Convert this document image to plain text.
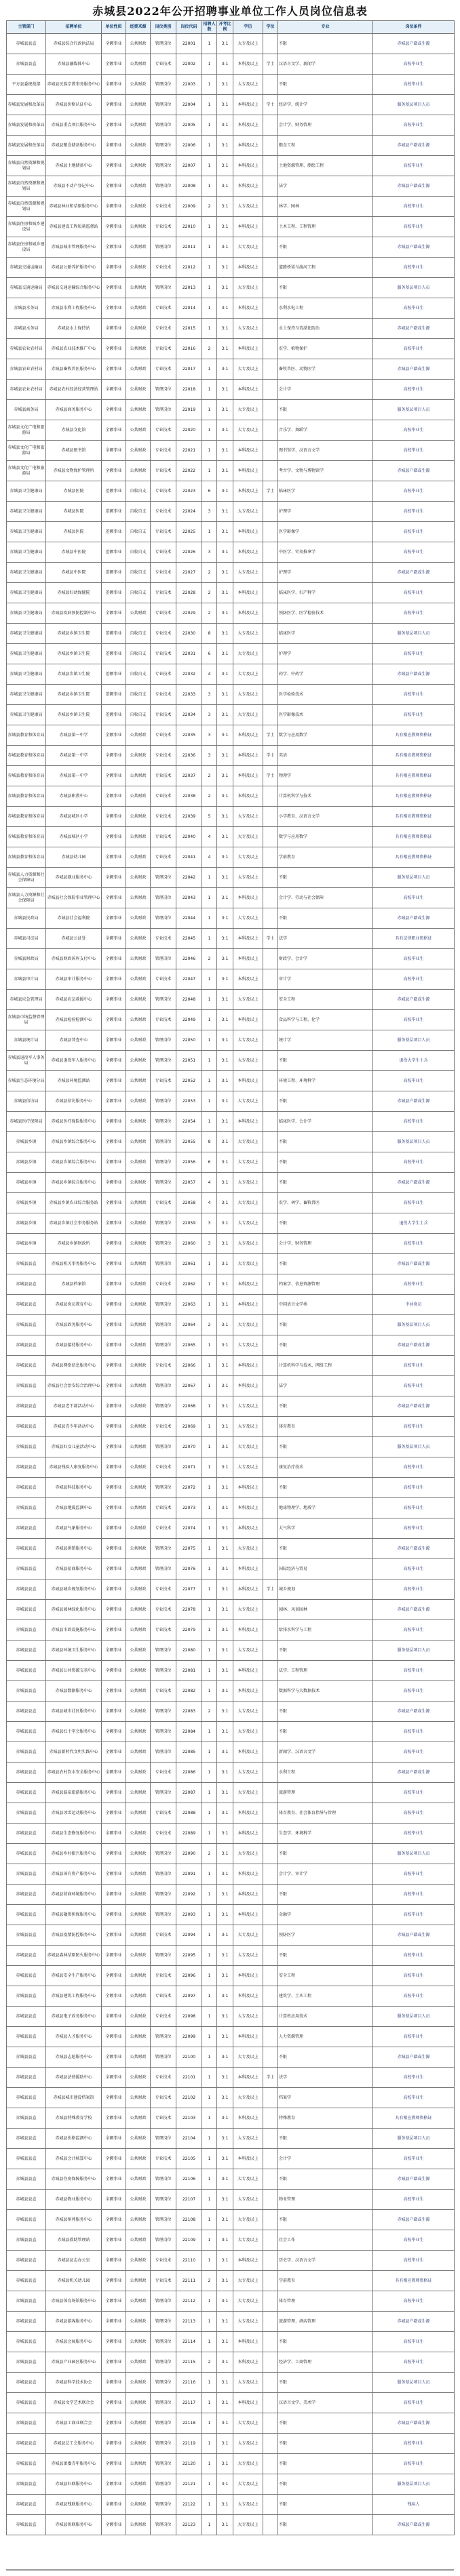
赤城县2022年公开招聘事业单位工作人员岗位信息表
主管部门	招聘单位	单位性质	经费来源	岗位类别	岗位代码	招聘人数	开考比例	学历	学位	专业	岗位条件
赤城县县直	赤城县综合行政执法局	全额事业	公共财政	管理岗位	22001	1	3:1	大专及以上		不限	赤城县户籍或生源
赤城县县直	赤城县融媒体中心	全额事业	公共财政	专业技术	22002	1	3:1	本科及以上	学士	汉语言文学、新闻学	高校毕业生
平方县委统战部	赤城县民族宗教事务服务中心	全额事业	公共财政	管理岗位	22003	1	3:1	大专及以上		不限	高校毕业生
赤城县发展和改革局	赤城县价格认证中心	全额事业	公共财政	管理岗位	22004	1	3:1	本科及以上	学士	经济学、统计学	服务基层项目人员
赤城县发展和改革局	赤城县重点项目服务中心	全额事业	公共财政	管理岗位	22005	1	3:1	本科及以上		会计学、财务管理	高校毕业生
赤城县发展和改革局	赤城县粮食储备服务中心	全额事业	公共财政	管理岗位	22006	1	3:1	本科及以上		粮食工程	赤城县户籍或生源
赤城县自然资源和规划局	赤城县土地储备中心	全额事业	公共财政	管理岗位	22007	1	3:1	本科及以上		土地资源管理、测绘工程	高校毕业生
赤城县自然资源和规划局	赤城县不动产登记中心	全额事业	公共财政	管理岗位	22008	1	3:1	本科及以上		法学	赤城县户籍或生源
赤城县自然资源和规划局	赤城县林业和草原服务中心	全额事业	公共财政	专业技术	22009	2	3:1	大专及以上		林学、园林	高校毕业生
赤城县住房和城乡建设局	赤城县建设工程质量监督站	全额事业	公共财政	专业技术	22010	1	3:1	本科及以上		土木工程、工程管理	高校毕业生
赤城县住房和城乡建设局	赤城县城市管理服务中心	全额事业	公共财政	管理岗位	22011	1	3:1	大专及以上		不限	赤城县户籍或生源
赤城县交通运输局	赤城县公路养护服务中心	全额事业	公共财政	专业技术	22012	1	3:1	本科及以上		道路桥梁与渡河工程	高校毕业生
赤城县交通运输局	赤城县交通运输综合服务中心	全额事业	公共财政	管理岗位	22013	1	3:1	大专及以上		不限	服务基层项目人员
赤城县水务局	赤城县水利工程服务中心	全额事业	公共财政	专业技术	22014	1	3:1	本科及以上		水利水电工程	高校毕业生
赤城县水务局	赤城县水土保持站	全额事业	公共财政	专业技术	22015	1	3:1	大专及以上		水土保持与荒漠化防治	赤城县户籍或生源
赤城县农业农村局	赤城县农业技术推广中心	全额事业	公共财政	专业技术	22016	2	3:1	本科及以上		农学、植物保护	高校毕业生
赤城县农业农村局	赤城县畜牧兽医服务中心	全额事业	公共财政	专业技术	22017	1	3:1	大专及以上		畜牧兽医、动物医学	赤城县户籍或生源
赤城县农业农村局	赤城县农村经济经营管理站	全额事业	公共财政	管理岗位	22018	1	3:1	本科及以上		会计学	高校毕业生
赤城县商务局	赤城县商务服务中心	全额事业	公共财政	管理岗位	22019	1	3:1	大专及以上		不限	服务基层项目人员
赤城县文化广电和旅游局	赤城县文化馆	全额事业	公共财政	专业技术	22020	1	3:1	大专及以上		音乐学、舞蹈学	高校毕业生
赤城县文化广电和旅游局	赤城县图书馆	全额事业	公共财政	专业技术	22021	1	3:1	本科及以上		图书馆学、汉语言文学	高校毕业生
赤城县文化广电和旅游局	赤城县文物保护管理所	全额事业	公共财政	专业技术	22022	1	3:1	本科及以上		考古学、文物与博物馆学	赤城县户籍或生源
赤城县卫生健康局	赤城县医院	差额事业	自收自支	专业技术	22023	6	3:1	本科及以上	学士	临床医学	高校毕业生
赤城县卫生健康局	赤城县医院	差额事业	自收自支	专业技术	22024	3	3:1	大专及以上		护理学	高校毕业生
赤城县卫生健康局	赤城县医院	差额事业	自收自支	专业技术	22025	1	3:1	本科及以上		医学影像学	高校毕业生
赤城县卫生健康局	赤城县中医院	差额事业	自收自支	专业技术	22026	3	3:1	本科及以上		中医学、针灸推拿学	高校毕业生
赤城县卫生健康局	赤城县中医院	差额事业	自收自支	专业技术	22027	2	3:1	大专及以上		护理学	赤城县户籍或生源
赤城县卫生健康局	赤城县妇幼保健院	差额事业	自收自支	专业技术	22028	2	3:1	本科及以上		临床医学、妇产科学	高校毕业生
赤城县卫生健康局	赤城县疾病预防控制中心	全额事业	公共财政	专业技术	22029	2	3:1	本科及以上		预防医学、医学检验技术	高校毕业生
赤城县卫生健康局	赤城县乡镇卫生院	差额事业	自收自支	专业技术	22030	8	3:1	大专及以上		临床医学	服务基层项目人员
赤城县卫生健康局	赤城县乡镇卫生院	差额事业	自收自支	专业技术	22031	6	3:1	大专及以上		护理学	高校毕业生
赤城县卫生健康局	赤城县乡镇卫生院	差额事业	自收自支	专业技术	22032	4	3:1	大专及以上		药学、中药学	赤城县户籍或生源
赤城县卫生健康局	赤城县乡镇卫生院	差额事业	自收自支	专业技术	22033	3	3:1	大专及以上		医学检验技术	高校毕业生
赤城县卫生健康局	赤城县乡镇卫生院	差额事业	自收自支	专业技术	22034	3	3:1	大专及以上		医学影像技术	高校毕业生
赤城县教育和体育局	赤城县第一中学	全额事业	公共财政	专业技术	22035	3	3:1	本科及以上	学士	数学与应用数学	具有相应教师资格证
赤城县教育和体育局	赤城县第一中学	全额事业	公共财政	专业技术	22036	3	3:1	本科及以上	学士	英语	具有相应教师资格证
赤城县教育和体育局	赤城县第一中学	全额事业	公共财政	专业技术	22037	2	3:1	本科及以上	学士	物理学	具有相应教师资格证
赤城县教育和体育局	赤城县职教中心	全额事业	公共财政	专业技术	22038	2	3:1	本科及以上		计算机科学与技术	具有相应教师资格证
赤城县教育和体育局	赤城县城区小学	全额事业	公共财政	专业技术	22039	5	3:1	大专及以上		小学教育、汉语言文学	具有相应教师资格证
赤城县教育和体育局	赤城县城区小学	全额事业	公共财政	专业技术	22040	4	3:1	大专及以上		数学与应用数学	具有相应教师资格证
赤城县教育和体育局	赤城县幼儿园	全额事业	公共财政	专业技术	22041	4	3:1	大专及以上		学前教育	具有相应教师资格证
赤城县人力资源和社会保障局	赤城县就业服务中心	全额事业	公共财政	管理岗位	22042	1	3:1	大专及以上		不限	服务基层项目人员
赤城县人力资源和社会保障局	赤城县社会保险事业管理中心	全额事业	公共财政	管理岗位	22043	1	3:1	本科及以上		会计学、劳动与社会保障	高校毕业生
赤城县民政局	赤城县社会福利院	全额事业	公共财政	管理岗位	22044	1	3:1	大专及以上		不限	赤城县户籍或生源
赤城县司法局	赤城县公证处	全额事业	公共财政	专业技术	22045	1	3:1	本科及以上	学士	法学	具有法律职业资格证
赤城县财政局	赤城县财政国库支付中心	全额事业	公共财政	管理岗位	22046	2	3:1	本科及以上		财政学、会计学	高校毕业生
赤城县审计局	赤城县审计服务中心	全额事业	公共财政	专业技术	22047	1	3:1	本科及以上		审计学	高校毕业生
赤城县应急管理局	赤城县应急救援中心	全额事业	公共财政	管理岗位	22048	1	3:1	大专及以上		安全工程	赤城县户籍或生源
赤城县市场监督管理局	赤城县检验检测中心	全额事业	公共财政	专业技术	22049	1	3:1	本科及以上		食品科学与工程、化学	高校毕业生
赤城县统计局	赤城县普查中心	全额事业	公共财政	管理岗位	22050	1	3:1	大专及以上		统计学	服务基层项目人员
赤城县退役军人事务局	赤城县退役军人服务中心	全额事业	公共财政	管理岗位	22051	1	3:1	大专及以上		不限	退役大学生士兵
赤城县生态环境分局	赤城县环境监测站	全额事业	公共财政	专业技术	22052	1	3:1	本科及以上		环境工程、环境科学	高校毕业生
赤城县信访局	赤城县信访服务中心	全额事业	公共财政	管理岗位	22053	1	3:1	大专及以上		不限	赤城县户籍或生源
赤城县医疗保障局	赤城县医疗保险服务中心	全额事业	公共财政	管理岗位	22054	1	3:1	本科及以上		临床医学、会计学	高校毕业生
赤城县乡镇	赤城县乡镇综合服务中心	全额事业	公共财政	管理岗位	22055	8	3:1	大专及以上		不限	服务基层项目人员
赤城县乡镇	赤城县乡镇综合服务中心	全额事业	公共财政	管理岗位	22056	6	3:1	大专及以上		不限	高校毕业生
赤城县乡镇	赤城县乡镇综合服务中心	全额事业	公共财政	管理岗位	22057	4	3:1	大专及以上		不限	赤城县户籍或生源
赤城县乡镇	赤城县乡镇农业综合服务站	全额事业	公共财政	专业技术	22058	4	3:1	大专及以上		农学、林学、畜牧兽医	高校毕业生
赤城县乡镇	赤城县乡镇社会事务服务站	全额事业	公共财政	管理岗位	22059	3	3:1	大专及以上		不限	退役大学生士兵
赤城县乡镇	赤城县乡镇财政所	全额事业	公共财政	管理岗位	22060	3	3:1	大专及以上		会计学、财务管理	高校毕业生
赤城县县直	赤城县机关事务服务中心	全额事业	公共财政	管理岗位	22061	1	3:1	大专及以上		不限	赤城县户籍或生源
赤城县县直	赤城县档案馆	全额事业	公共财政	专业技术	22062	1	3:1	本科及以上		档案学、信息资源管理	高校毕业生
赤城县县直	赤城县党员教育中心	全额事业	公共财政	管理岗位	22063	1	3:1	本科及以上		中国语言文学类	中共党员
赤城县县直	赤城县政务服务中心	全额事业	公共财政	管理岗位	22064	2	3:1	大专及以上		不限	服务基层项目人员
赤城县县直	赤城县接待服务中心	全额事业	公共财政	管理岗位	22065	1	3:1	大专及以上		不限	赤城县户籍或生源
赤城县县直	赤城县网络信息服务中心	全额事业	公共财政	专业技术	22066	1	3:1	本科及以上		计算机科学与技术、网络工程	高校毕业生
赤城县县直	赤城县社会治安综合治理中心	全额事业	公共财政	管理岗位	22067	1	3:1	本科及以上		法学	高校毕业生
赤城县县直	赤城县老干部活动中心	全额事业	公共财政	管理岗位	22068	1	3:1	大专及以上		不限	赤城县户籍或生源
赤城县县直	赤城县青少年活动中心	全额事业	公共财政	专业技术	22069	1	3:1	大专及以上		体育教育	高校毕业生
赤城县县直	赤城县妇女儿童活动中心	全额事业	公共财政	管理岗位	22070	1	3:1	大专及以上		不限	服务基层项目人员
赤城县县直	赤城县残疾人康复服务中心	全额事业	公共财政	专业技术	22071	1	3:1	大专及以上		康复治疗技术	高校毕业生
赤城县县直	赤城县科技服务中心	全额事业	公共财政	管理岗位	22072	1	3:1	本科及以上		不限	高校毕业生
赤城县县直	赤城县地震监测中心	全额事业	公共财政	专业技术	22073	1	3:1	本科及以上		地球物理学、地质学	高校毕业生
赤城县县直	赤城县气象服务中心	全额事业	公共财政	专业技术	22074	1	3:1	本科及以上		大气科学	高校毕业生
赤城县县直	赤城县供销服务中心	全额事业	公共财政	管理岗位	22075	1	3:1	大专及以上		不限	赤城县户籍或生源
赤城县县直	赤城县招商服务中心	全额事业	公共财政	管理岗位	22076	1	3:1	本科及以上		国际经济与贸易	高校毕业生
赤城县县直	赤城县城乡规划服务中心	全额事业	公共财政	专业技术	22077	1	3:1	本科及以上	学士	城乡规划	高校毕业生
赤城县县直	赤城县园林绿化服务中心	全额事业	公共财政	专业技术	22078	1	3:1	大专及以上		园林、风景园林	赤城县户籍或生源
赤城县县直	赤城县市政设施服务中心	全额事业	公共财政	专业技术	22079	1	3:1	本科及以上		给排水科学与工程	高校毕业生
赤城县县直	赤城县环境卫生服务中心	全额事业	公共财政	管理岗位	22080	1	3:1	大专及以上		不限	服务基层项目人员
赤城县县直	赤城县公共资源交易中心	全额事业	公共财政	管理岗位	22081	1	3:1	本科及以上		法学、工程管理	高校毕业生
赤城县县直	赤城县数据服务中心	全额事业	公共财政	专业技术	22082	1	3:1	本科及以上		数据科学与大数据技术	高校毕业生
赤城县县直	赤城县城市社区服务中心	全额事业	公共财政	管理岗位	22083	2	3:1	大专及以上		不限	赤城县户籍或生源
赤城县县直	赤城县红十字会服务中心	全额事业	公共财政	管理岗位	22084	1	3:1	大专及以上		不限	高校毕业生
赤城县县直	赤城县新时代文明实践中心	全额事业	公共财政	管理岗位	22085	1	3:1	本科及以上		新闻学、汉语言文学	高校毕业生
赤城县县直	赤城县农村饮水安全服务中心	全额事业	公共财政	专业技术	22086	1	3:1	大专及以上		水利工程	赤城县户籍或生源
赤城县县直	赤城县温泉旅游服务中心	全额事业	公共财政	管理岗位	22087	1	3:1	大专及以上		旅游管理	高校毕业生
赤城县县直	赤城县冰雪运动服务中心	全额事业	公共财政	专业技术	22088	1	3:1	本科及以上		体育教育、社会体育指导与管理	高校毕业生
赤城县县直	赤城县生态修复服务中心	全额事业	公共财政	专业技术	22089	1	3:1	本科及以上		生态学、环境科学	高校毕业生
赤城县县直	赤城县乡村振兴服务中心	全额事业	公共财政	管理岗位	22090	2	3:1	大专及以上		不限	服务基层项目人员
赤城县县直	赤城县国有资产服务中心	全额事业	公共财政	管理岗位	22091	1	3:1	本科及以上		会计学、审计学	高校毕业生
赤城县县直	赤城县营商环境服务中心	全额事业	公共财政	管理岗位	22092	1	3:1	本科及以上		不限	高校毕业生
赤城县县直	赤城县融资担保服务中心	全额事业	公共财政	管理岗位	22093	1	3:1	本科及以上		金融学	高校毕业生
赤城县县直	赤城县疫情防控服务中心	全额事业	公共财政	专业技术	22094	1	3:1	大专及以上		预防医学	赤城县户籍或生源
赤城县县直	赤城县森林草原防火服务中心	全额事业	公共财政	管理岗位	22095	1	3:1	大专及以上		不限	高校毕业生
赤城县县直	赤城县安全生产服务中心	全额事业	公共财政	专业技术	22096	1	3:1	本科及以上		安全工程	高校毕业生
赤城县县直	赤城县建筑工程服务中心	全额事业	公共财政	专业技术	22097	1	3:1	本科及以上		建筑学、土木工程	高校毕业生
赤城县县直	赤城县电子政务服务中心	全额事业	公共财政	专业技术	22098	1	3:1	大专及以上		计算机应用技术	服务基层项目人员
赤城县县直	赤城县人才服务中心	全额事业	公共财政	管理岗位	22099	1	3:1	本科及以上		人力资源管理	高校毕业生
赤城县县直	赤城县志愿服务中心	全额事业	公共财政	管理岗位	22100	1	3:1	大专及以上		不限	赤城县户籍或生源
赤城县县直	赤城县法律援助中心	全额事业	公共财政	专业技术	22101	1	3:1	本科及以上	学士	法学	高校毕业生
赤城县县直	赤城县城市建设档案馆	全额事业	公共财政	专业技术	22102	1	3:1	大专及以上		档案学	高校毕业生
赤城县县直	赤城县特殊教育学校	全额事业	公共财政	专业技术	22103	1	3:1	本科及以上		特殊教育	具有相应教师资格证
赤城县县直	赤城县价格监测中心	全额事业	公共财政	管理岗位	22104	1	3:1	大专及以上		不限	服务基层项目人员
赤城县县直	赤城县会计核算中心	全额事业	公共财政	专业技术	22105	1	3:1	本科及以上		会计学	高校毕业生
赤城县县直	赤城县住房保障服务中心	全额事业	公共财政	管理岗位	22106	1	3:1	大专及以上		不限	赤城县户籍或生源
赤城县县直	赤城县物业服务中心	全额事业	公共财政	管理岗位	22107	1	3:1	大专及以上		物业管理	高校毕业生
赤城县县直	赤城县殡葬服务中心	全额事业	公共财政	管理岗位	22108	1	3:1	大专及以上		不限	赤城县户籍或生源
赤城县县直	赤城县救助管理站	全额事业	公共财政	管理岗位	22109	1	3:1	大专及以上		社会工作	高校毕业生
赤城县县直	赤城县县志办公室	全额事业	公共财政	专业技术	22110	1	3:1	本科及以上		历史学、汉语言文学	高校毕业生
赤城县县直	赤城县机关幼儿园	全额事业	公共财政	专业技术	22111	2	3:1	大专及以上		学前教育	具有相应教师资格证
赤城县县直	赤城县体育场馆服务中心	全额事业	公共财政	管理岗位	22112	1	3:1	大专及以上		体育管理	高校毕业生
赤城县县直	赤城县游客服务中心	全额事业	公共财政	管理岗位	22113	1	3:1	大专及以上		旅游管理、酒店管理	赤城县户籍或生源
赤城县县直	赤城县会展服务中心	全额事业	公共财政	管理岗位	22114	1	3:1	本科及以上		不限	高校毕业生
赤城县县直	赤城县产业园区服务中心	全额事业	公共财政	管理岗位	22115	2	3:1	本科及以上		经济学、工商管理	高校毕业生
赤城县县直	赤城县科学技术协会	全额事业	公共财政	管理岗位	22116	1	3:1	大专及以上		不限	服务基层项目人员
赤城县县直	赤城县文学艺术联合会	全额事业	公共财政	管理岗位	22117	1	3:1	本科及以上		汉语言文学、美术学	高校毕业生
赤城县县直	赤城县工商业联合会	全额事业	公共财政	管理岗位	22118	1	3:1	大专及以上		不限	赤城县户籍或生源
赤城县县直	赤城县总工会服务中心	全额事业	公共财政	管理岗位	22119	1	3:1	大专及以上		不限	高校毕业生
赤城县县直	赤城县团委青年服务中心	全额事业	公共财政	管理岗位	22120	1	3:1	大专及以上		不限	高校毕业生
赤城县县直	赤城县妇联服务中心	全额事业	公共财政	管理岗位	22121	1	3:1	大专及以上		不限	服务基层项目人员
赤城县县直	赤城县残联服务中心	全额事业	公共财政	管理岗位	22122	1	3:1	大专及以上		不限	残疾人
赤城县县直	赤城县侨联服务中心	全额事业	公共财政	管理岗位	22123	1	3:1	大专及以上		不限	赤城县户籍或生源
